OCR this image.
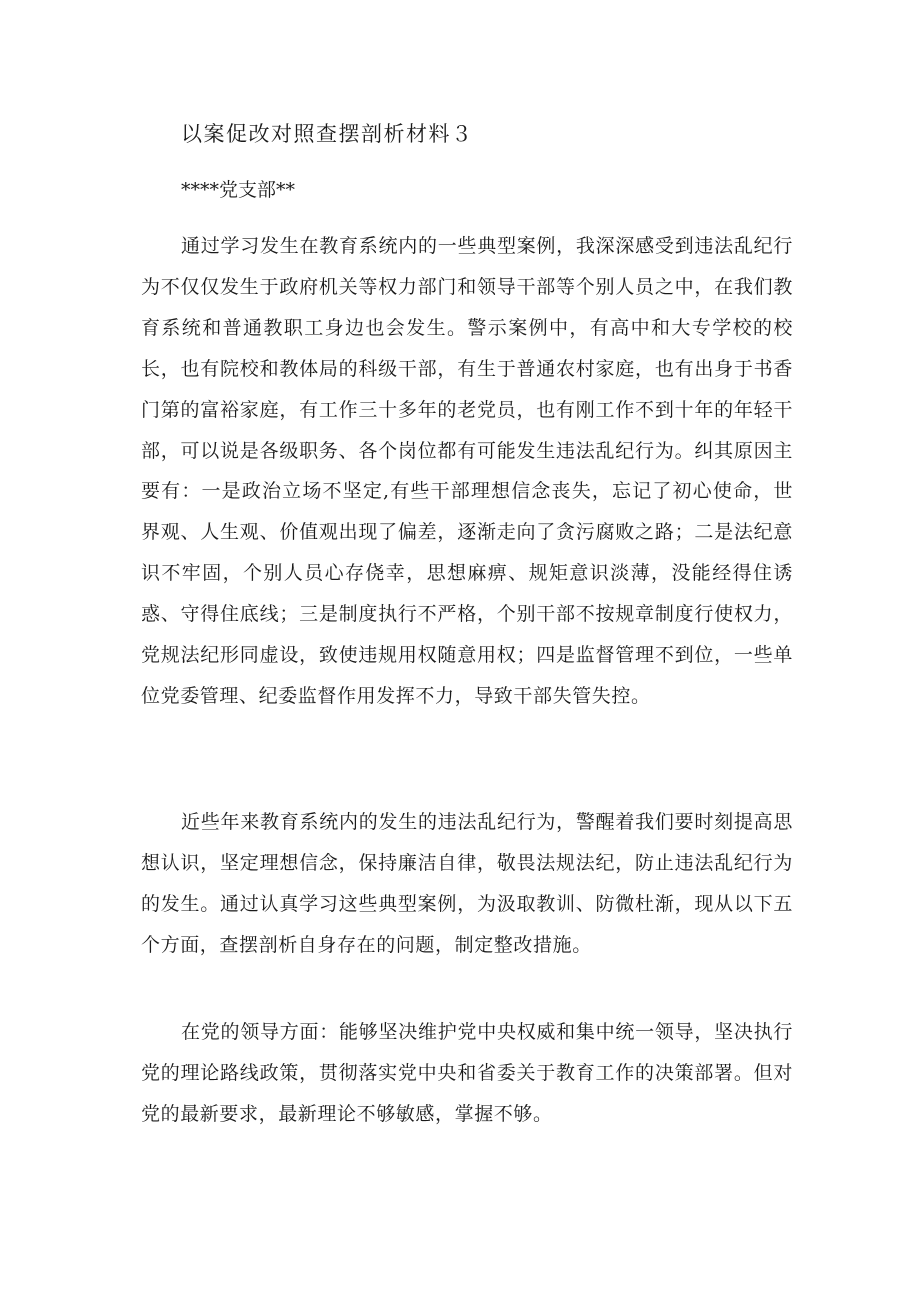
以案促改对照查摆剖析材料３
****党支部**

通过学习发生在教育系统内的一些典型案例，我深深感受到违法乱纪行为不仅仅发生于政府机关等权力部门和领导干部等个别人员之中，在我们教育系统和普通教职工身边也会发生。警示案例中，有高中和大专学校的校长，也有院校和教体局的科级干部，有生于普通农村家庭，也有出身于书香门第的富裕家庭，有工作三十多年的老党员，也有刚工作不到十年的年轻干部，可以说是各级职务、各个岗位都有可能发生违法乱纪行为。纠其原因主要有：一是政治立场不坚定,有些干部理想信念丧失，忘记了初心使命，世界观、人生观、价值观出现了偏差，逐渐走向了贪污腐败之路；二是法纪意识不牢固，个别人员心存侥幸，思想麻痹、规矩意识淡薄，没能经得住诱惑、守得住底线；三是制度执行不严格，个别干部不按规章制度行使权力，党规法纪形同虚设，致使违规用权随意用权；四是监督管理不到位，一些单位党委管理、纪委监督作用发挥不力，导致干部失管失控。

近些年来教育系统内的发生的违法乱纪行为，警醒着我们要时刻提高思想认识，坚定理想信念，保持廉洁自律，敬畏法规法纪，防止违法乱纪行为的发生。通过认真学习这些典型案例，为汲取教训、防微杜渐，现从以下五个方面，查摆剖析自身存在的问题，制定整改措施。

在党的领导方面：能够坚决维护党中央权威和集中统一领导，坚决执行党的理论路线政策，贯彻落实党中央和省委关于教育工作的决策部署。但对党的最新要求，最新理论不够敏感，掌握不够。
